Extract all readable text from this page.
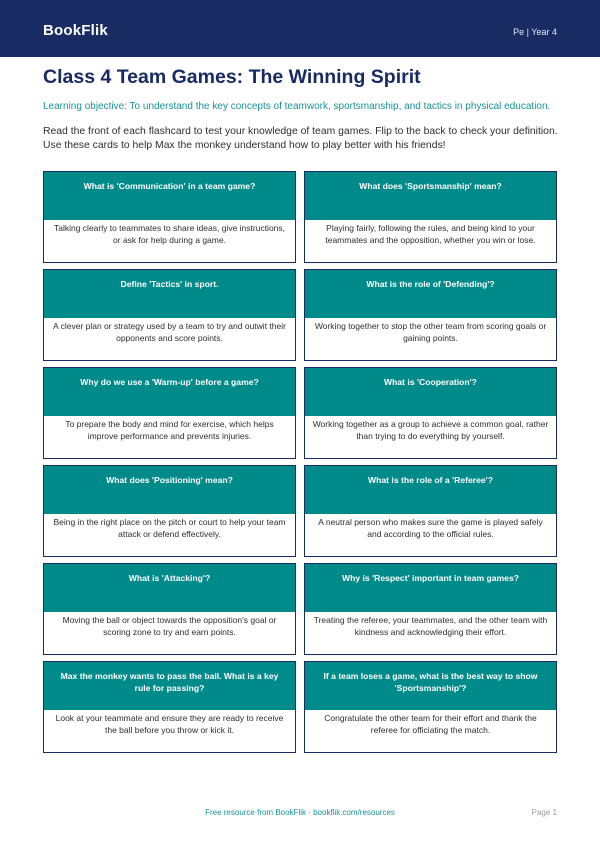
BookFlik	Pe | Year 4
Class 4 Team Games: The Winning Spirit
Learning objective: To understand the key concepts of teamwork, sportsmanship, and tactics in physical education.
Read the front of each flashcard to test your knowledge of team games. Flip to the back to check your definition. Use these cards to help Max the monkey understand how to play better with his friends!
What is 'Communication' in a team game?
Talking clearly to teammates to share ideas, give instructions, or ask for help during a game.
What does 'Sportsmanship' mean?
Playing fairly, following the rules, and being kind to your teammates and the opposition, whether you win or lose.
Define 'Tactics' in sport.
A clever plan or strategy used by a team to try and outwit their opponents and score points.
What is the role of 'Defending'?
Working together to stop the other team from scoring goals or gaining points.
Why do we use a 'Warm-up' before a game?
To prepare the body and mind for exercise, which helps improve performance and prevents injuries.
What is 'Cooperation'?
Working together as a group to achieve a common goal, rather than trying to do everything by yourself.
What does 'Positioning' mean?
Being in the right place on the pitch or court to help your team attack or defend effectively.
What is the role of a 'Referee'?
A neutral person who makes sure the game is played safely and according to the official rules.
What is 'Attacking'?
Moving the ball or object towards the opposition's goal or scoring zone to try and earn points.
Why is 'Respect' important in team games?
Treating the referee, your teammates, and the other team with kindness and acknowledging their effort.
Max the monkey wants to pass the ball. What is a key rule for passing?
Look at your teammate and ensure they are ready to receive the ball before you throw or kick it.
If a team loses a game, what is the best way to show 'Sportsmanship'?
Congratulate the other team for their effort and thank the referee for officiating the match.
Free resource from BookFlik · bookflik.com/resources	Page 1
